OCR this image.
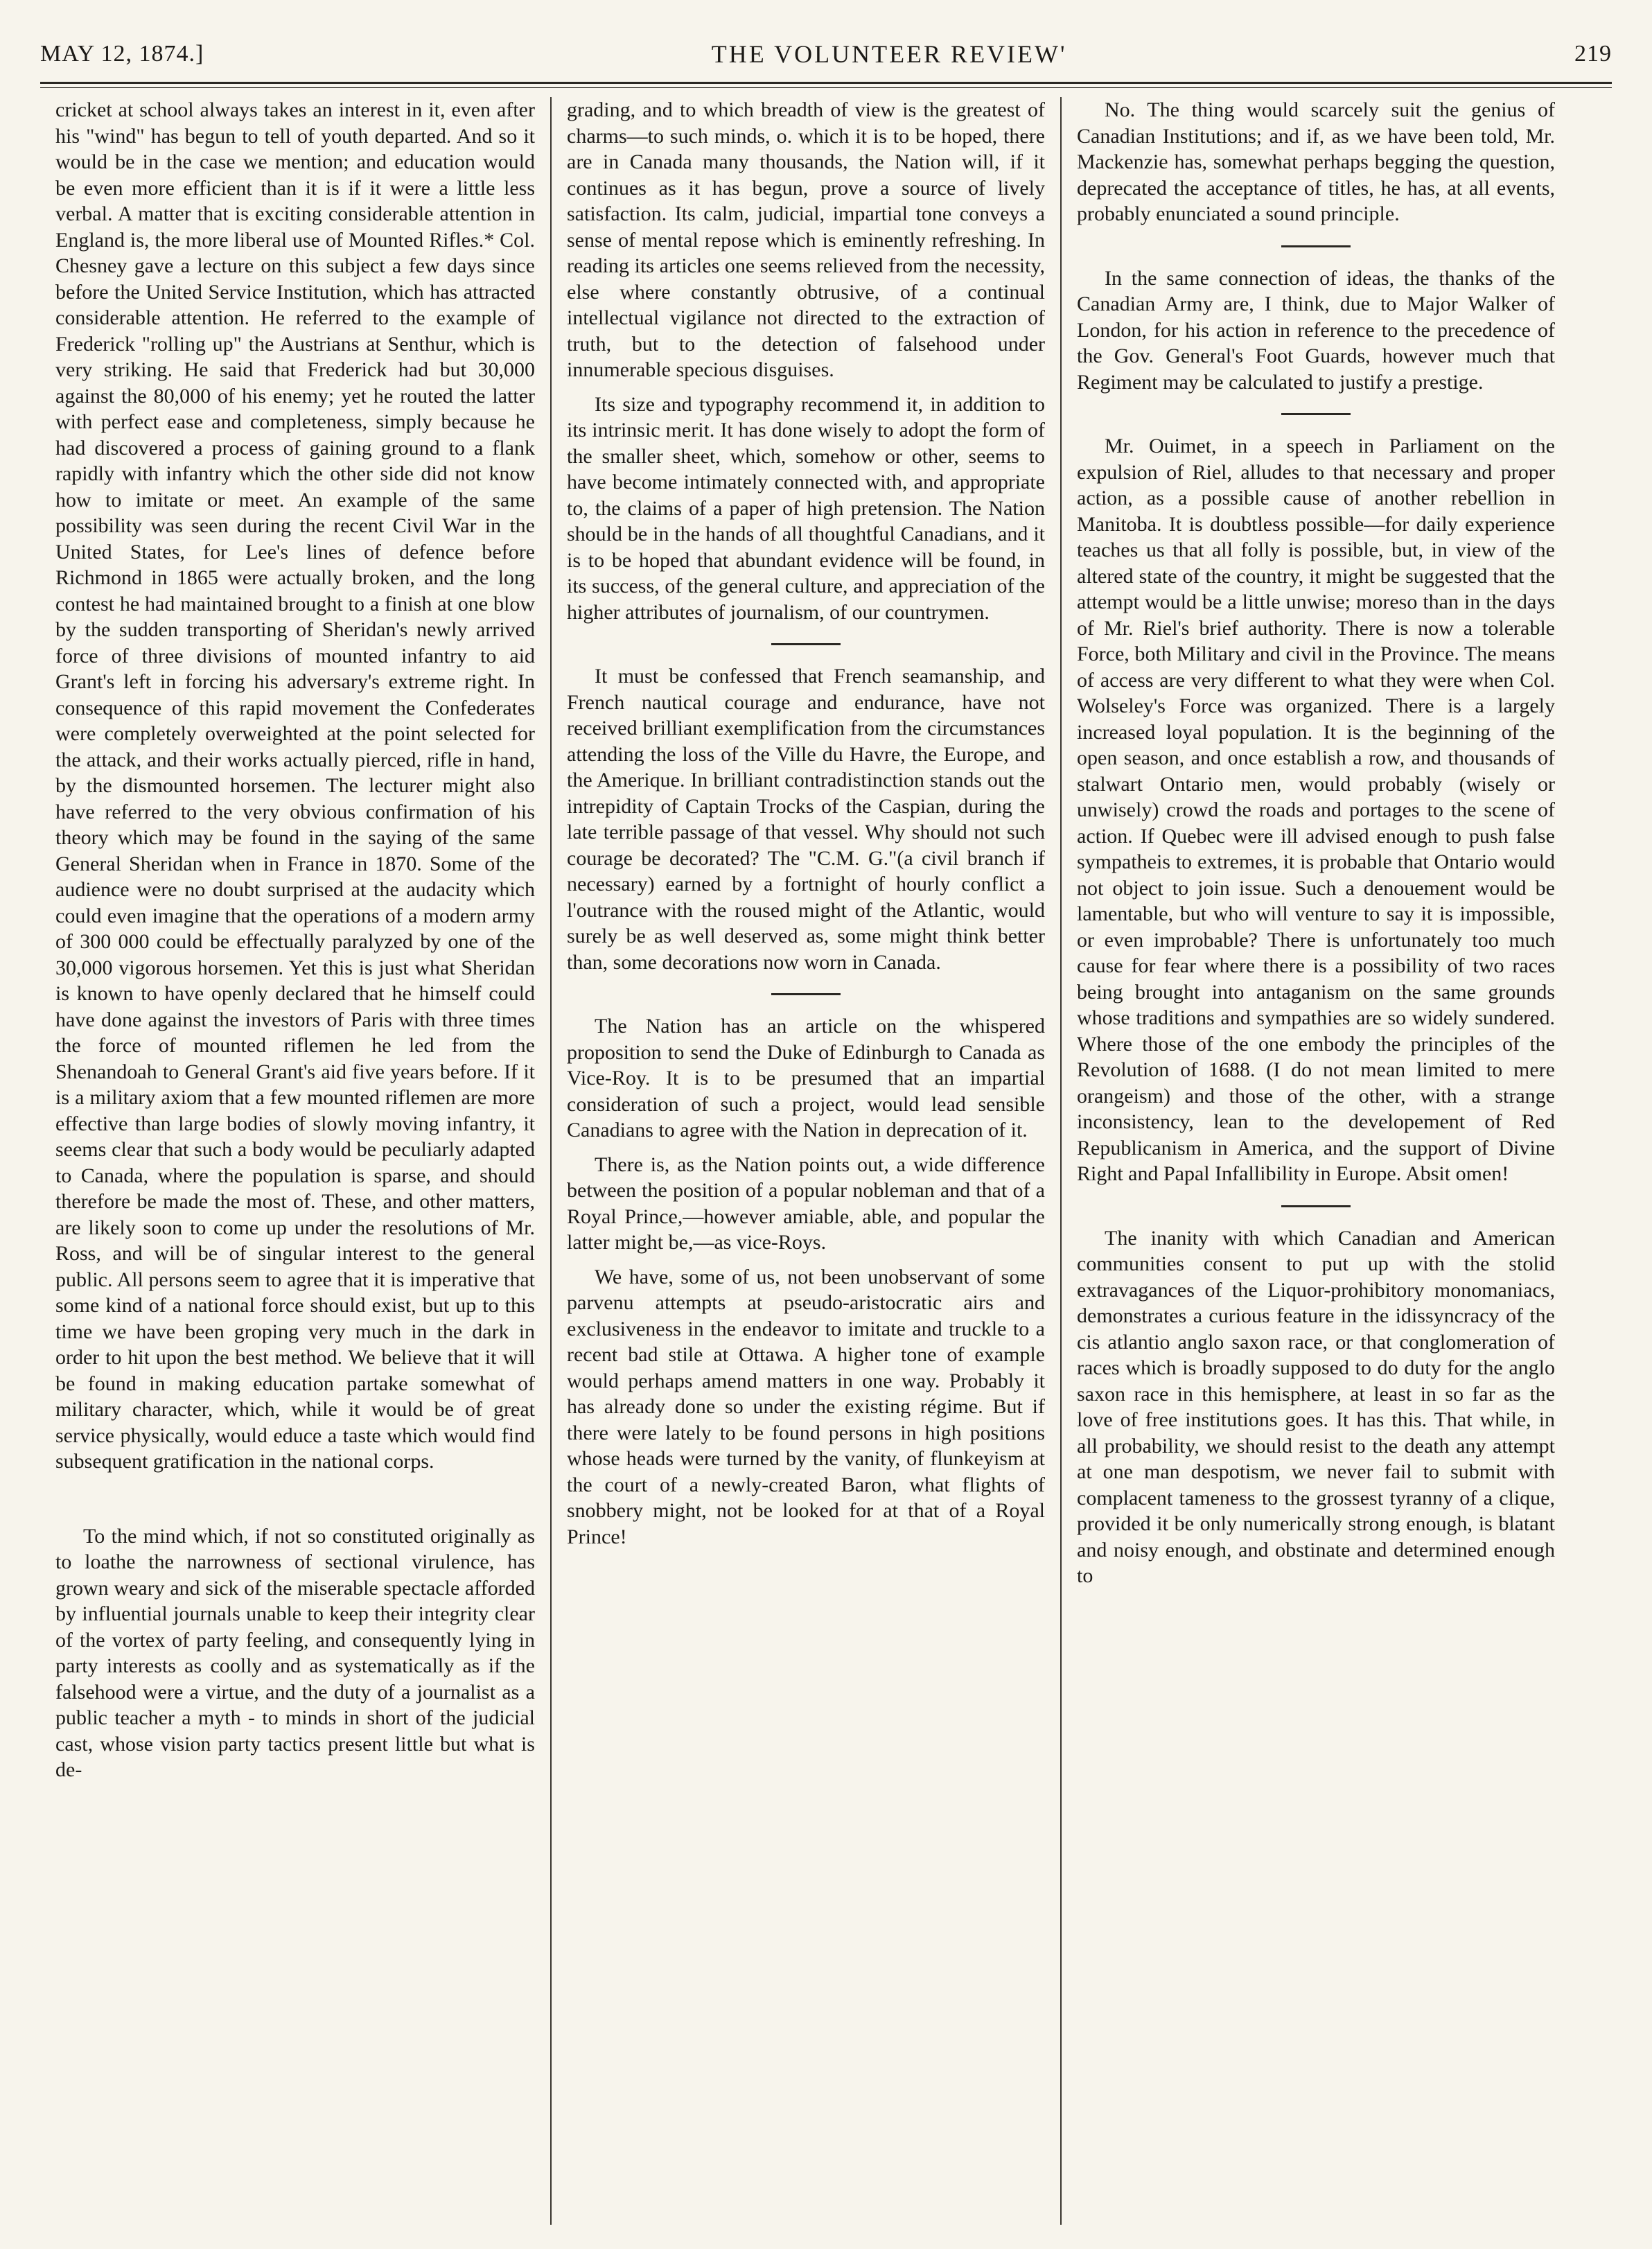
MAY 12, 1874.]	THE VOLUNTEER REVIEW'	219

cricket at school always takes an interest in it, even after his "wind" has begun to tell of youth departed. And so it would be in the case we mention; and education would be even more efficient than it is if it were a little less verbal. A matter that is exciting considerable attention in England is, the more liberal use of Mounted Rifles.* Col. Chesney gave a lecture on this subject a few days since before the United Service Institution, which has attracted considerable attention. He referred to the example of Frederick "rolling up" the Austrians at Senthur, which is very striking. He said that Frederick had but 30,000 against the 80,000 of his enemy; yet he routed the latter with perfect ease and completeness, simply because he had discovered a process of gaining ground to a flank rapidly with infantry which the other side did not know how to imitate or meet. An example of the same possibility was seen during the recent Civil War in the United States, for Lee's lines of defence before Richmond in 1865 were actually broken, and the long contest he had maintained brought to a finish at one blow by the sudden transporting of Sheridan's newly arrived force of three divisions of mounted infantry to aid Grant's left in forcing his adversary's extreme right. In consequence of this rapid movement the Confederates were completely overweighted at the point selected for the attack, and their works actually pierced, rifle in hand, by the dismounted horsemen. The lecturer might also have referred to the very obvious confirmation of his theory which may be found in the saying of the same General Sheridan when in France in 1870. Some of the audience were no doubt surprised at the audacity which could even imagine that the operations of a modern army of 300 000 could be effectually paralyzed by one of the 30,000 vigorous horsemen. Yet this is just what Sheridan is known to have openly declared that he himself could have done against the investors of Paris with three times the force of mounted riflemen he led from the Shenandoah to General Grant's aid five years before. If it is a military axiom that a few mounted riflemen are more effective than large bodies of slowly moving infantry, it seems clear that such a body would be peculiarly adapted to Canada, where the population is sparse, and should therefore be made the most of. These, and other matters, are likely soon to come up under the resolutions of Mr. Ross, and will be of singular interest to the general public. All persons seem to agree that it is imperative that some kind of a national force should exist, but up to this time we have been groping very much in the dark in order to hit upon the best method. We believe that it will be found in making education partake somewhat of military character, which, while it would be of great service physically, would educe a taste which would find subsequent gratification in the national corps.

To the mind which, if not so constituted originally as to loathe the narrowness of sectional virulence, has grown weary and sick of the miserable spectacle afforded by influential journals unable to keep their integrity clear of the vortex of party feeling, and consequently lying in party interests as coolly and as systematically as if the falsehood were a virtue, and the duty of a journalist as a public teacher a myth - to minds in short of the judicial cast, whose vision party tactics present little but what is de-

grading, and to which breadth of view is the greatest of charms—to such minds, o. which it is to be hoped, there are in Canada many thousands, the Nation will, if it continues as it has begun, prove a source of lively satisfaction. Its calm, judicial, impartial tone conveys a sense of mental repose which is eminently refreshing. In reading its articles one seems relieved from the necessity, else where constantly obtrusive, of a continual intellectual vigilance not directed to the extraction of truth, but to the detection of falsehood under innumerable specious disguises.

Its size and typography recommend it, in addition to its intrinsic merit. It has done wisely to adopt the form of the smaller sheet, which, somehow or other, seems to have become intimately connected with, and appropriate to, the claims of a paper of high pretension. The Nation should be in the hands of all thoughtful Canadians, and it is to be hoped that abundant evidence will be found, in its success, of the general culture, and appreciation of the higher attributes of journalism, of our countrymen.

It must be confessed that French seamanship, and French nautical courage and endurance, have not received brilliant exemplification from the circumstances attending the loss of the Ville du Havre, the Europe, and the Amerique. In brilliant contradistinction stands out the intrepidity of Captain Trocks of the Caspian, during the late terrible passage of that vessel. Why should not such courage be decorated? The "C.M. G."(a civil branch if necessary) earned by a fortnight of hourly conflict a l'outrance with the roused might of the Atlantic, would surely be as well deserved as, some might think better than, some decorations now worn in Canada.

The Nation has an article on the whispered proposition to send the Duke of Edinburgh to Canada as Vice-Roy. It is to be presumed that an impartial consideration of such a project, would lead sensible Canadians to agree with the Nation in deprecation of it.

There is, as the Nation points out, a wide difference between the position of a popular nobleman and that of a Royal Prince,—however amiable, able, and popular the latter might be,—as vice-Roys.

We have, some of us, not been unobservant of some parvenu attempts at pseudo-aristocratic airs and exclusiveness in the endeavor to imitate and truckle to a recent bad stile at Ottawa. A higher tone of example would perhaps amend matters in one way. Probably it has already done so under the existing régime. But if there were lately to be found persons in high positions whose heads were turned by the vanity, of flunkeyism at the court of a newly-created Baron, what flights of snobbery might, not be looked for at that of a Royal Prince!

No. The thing would scarcely suit the genius of Canadian Institutions; and if, as we have been told, Mr. Mackenzie has, somewhat perhaps begging the question, deprecated the acceptance of titles, he has, at all events, probably enunciated a sound principle.

In the same connection of ideas, the thanks of the Canadian Army are, I think, due to Major Walker of London, for his action in reference to the precedence of the Gov. General's Foot Guards, however much that Regiment may be calculated to justify a prestige.

Mr. Ouimet, in a speech in Parliament on the expulsion of Riel, alludes to that necessary and proper action, as a possible cause of another rebellion in Manitoba. It is doubtless possible—for daily experience teaches us that all folly is possible, but, in view of the altered state of the country, it might be suggested that the attempt would be a little unwise; moreso than in the days of Mr. Riel's brief authority. There is now a tolerable Force, both Military and civil in the Province. The means of access are very different to what they were when Col. Wolseley's Force was organized. There is a largely increased loyal population. It is the beginning of the open season, and once establish a row, and thousands of stalwart Ontario men, would probably (wisely or unwisely) crowd the roads and portages to the scene of action. If Quebec were ill advised enough to push false sympatheis to extremes, it is probable that Ontario would not object to join issue. Such a denouement would be lamentable, but who will venture to say it is impossible, or even improbable? There is unfortunately too much cause for fear where there is a possibility of two races being brought into antaganism on the same grounds whose traditions and sympathies are so widely sundered. Where those of the one embody the principles of the Revolution of 1688. (I do not mean limited to mere orangeism) and those of the other, with a strange inconsistency, lean to the developement of Red Republicanism in America, and the support of Divine Right and Papal Infallibility in Europe. Absit omen!

The inanity with which Canadian and American communities consent to put up with the stolid extravagances of the Liquor-prohibitory monomaniacs, demonstrates a curious feature in the idissyncracy of the cis atlantio anglo saxon race, or that conglomeration of races which is broadly supposed to do duty for the anglo saxon race in this hemisphere, at least in so far as the love of free institutions goes. It has this. That while, in all probability, we should resist to the death any attempt at one man despotism, we never fail to submit with complacent tameness to the grossest tyranny of a clique, provided it be only numerically strong enough, is blatant and noisy enough, and obstinate and determined enough to
